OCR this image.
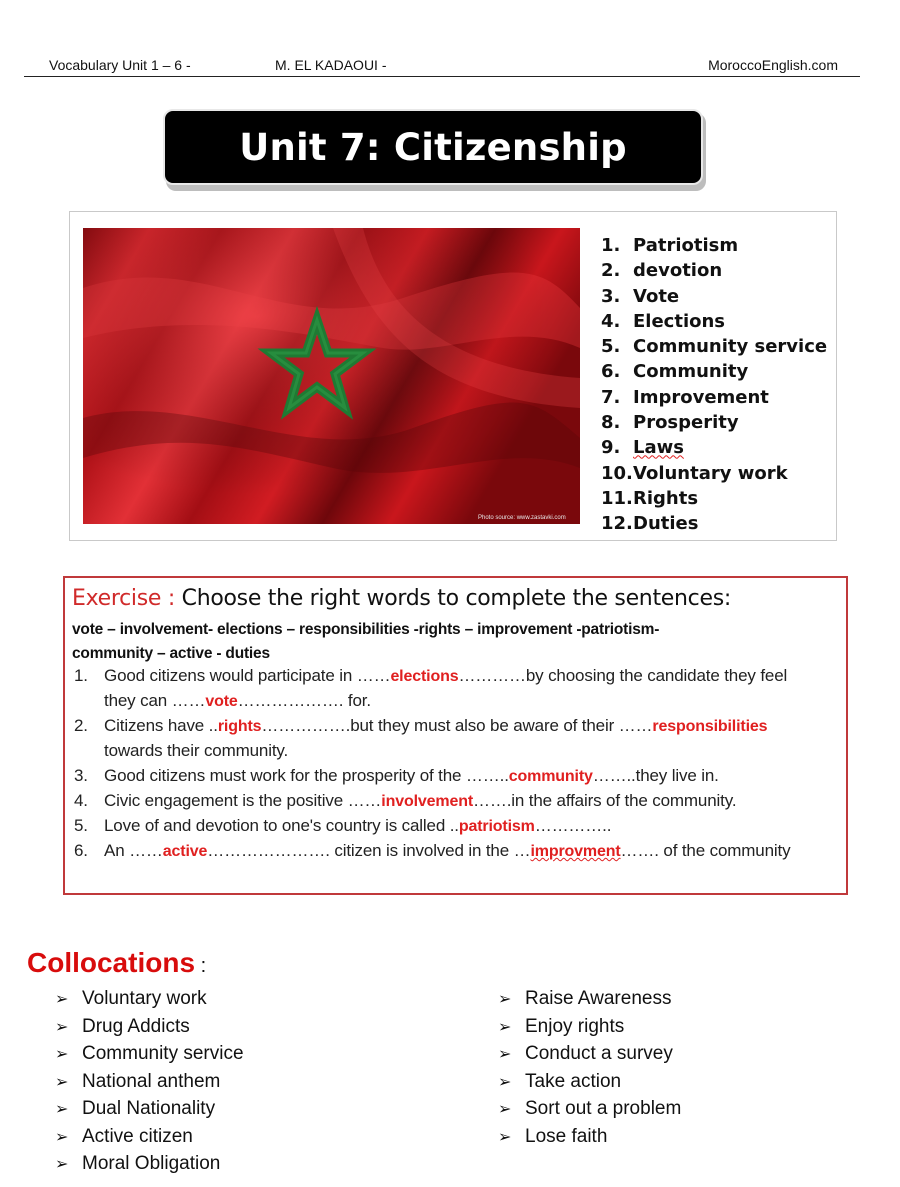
Vocabulary Unit 1 – 6 -	M. EL KADAOUI -	MoroccoEnglish.com
Unit 7: Citizenship
Photo source: www.zastavki.com
1. Patriotism
2. devotion
3. Vote
4. Elections
5. Community service
6. Community
7. Improvement
8. Prosperity
9. Laws
10.Voluntary work
11.Rights
12.Duties
Exercise : Choose the right words to complete the sentences:
vote – involvement- elections – responsibilities -rights – improvement -patriotism-
community – active - duties
1. Good citizens would participate in ……elections…………by choosing the candidate they feel
they can ……vote………………. for.
2. Citizens have ..rights…………….but they must also be aware of their ……responsibilities
towards their community.
3. Good citizens must work for the prosperity of the ……..community……..they live in.
4. Civic engagement is the positive ……involvement…….in the affairs of the community.
5. Love of and devotion to one's country is called ..patriotism…………..
6. An ……active…………………. citizen is involved in the …improvment……. of the community
Collocations :
➢ Voluntary work
➢ Drug Addicts
➢ Community service
➢ National anthem
➢ Dual Nationality
➢ Active citizen
➢ Moral Obligation
➢ Raise Awareness
➢ Enjoy rights
➢ Conduct a survey
➢ Take action
➢ Sort out a problem
➢ Lose faith
